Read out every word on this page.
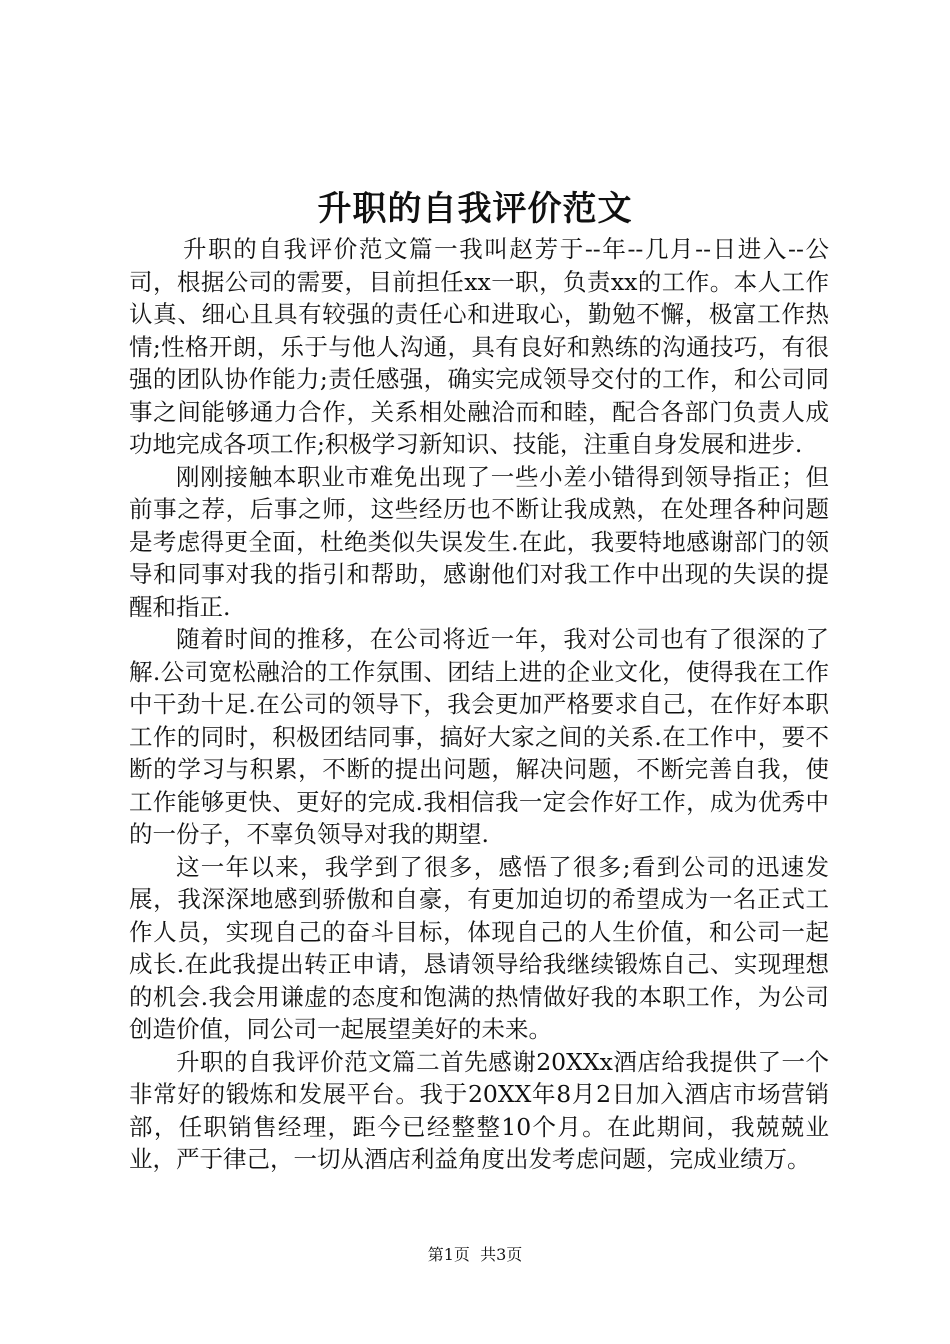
升职的自我评价范文

升职的自我评价范文篇一我叫赵芳于--年--几月--日进入--公司，根据公司的需要，目前担任xx一职，负责xx的工作。本人工作认真、细心且具有较强的责任心和进取心，勤勉不懈，极富工作热情;性格开朗，乐于与他人沟通，具有良好和熟练的沟通技巧，有很强的团队协作能力;责任感强，确实完成领导交付的工作，和公司同事之间能够通力合作，关系相处融洽而和睦，配合各部门负责人成功地完成各项工作;积极学习新知识、技能，注重自身发展和进步.

刚刚接触本职业市难免出现了一些小差小错得到领导指正；但前事之荐，后事之师，这些经历也不断让我成熟，在处理各种问题是考虑得更全面，杜绝类似失误发生.在此，我要特地感谢部门的领导和同事对我的指引和帮助，感谢他们对我工作中出现的失误的提醒和指正.

随着时间的推移，在公司将近一年，我对公司也有了很深的了解.公司宽松融洽的工作氛围、团结上进的企业文化，使得我在工作中干劲十足.在公司的领导下，我会更加严格要求自己，在作好本职工作的同时，积极团结同事，搞好大家之间的关系.在工作中，要不断的学习与积累，不断的提出问题，解决问题，不断完善自我，使工作能够更快、更好的完成.我相信我一定会作好工作，成为优秀中的一份子，不辜负领导对我的期望.

这一年以来，我学到了很多，感悟了很多;看到公司的迅速发展，我深深地感到骄傲和自豪，有更加迫切的希望成为一名正式工作人员，实现自己的奋斗目标，体现自己的人生价值，和公司一起成长.在此我提出转正申请，恳请领导给我继续锻炼自己、实现理想的机会.我会用谦虚的态度和饱满的热情做好我的本职工作，为公司创造价值，同公司一起展望美好的未来。

升职的自我评价范文篇二首先感谢20XXx酒店给我提供了一个非常好的锻炼和发展平台。我于20XX年8月2日加入酒店市场营销部，任职销售经理，距今已经整整10个月。在此期间，我兢兢业业，严于律己，一切从酒店利益角度出发考虑问题，完成业绩万。

第1页 共3页
